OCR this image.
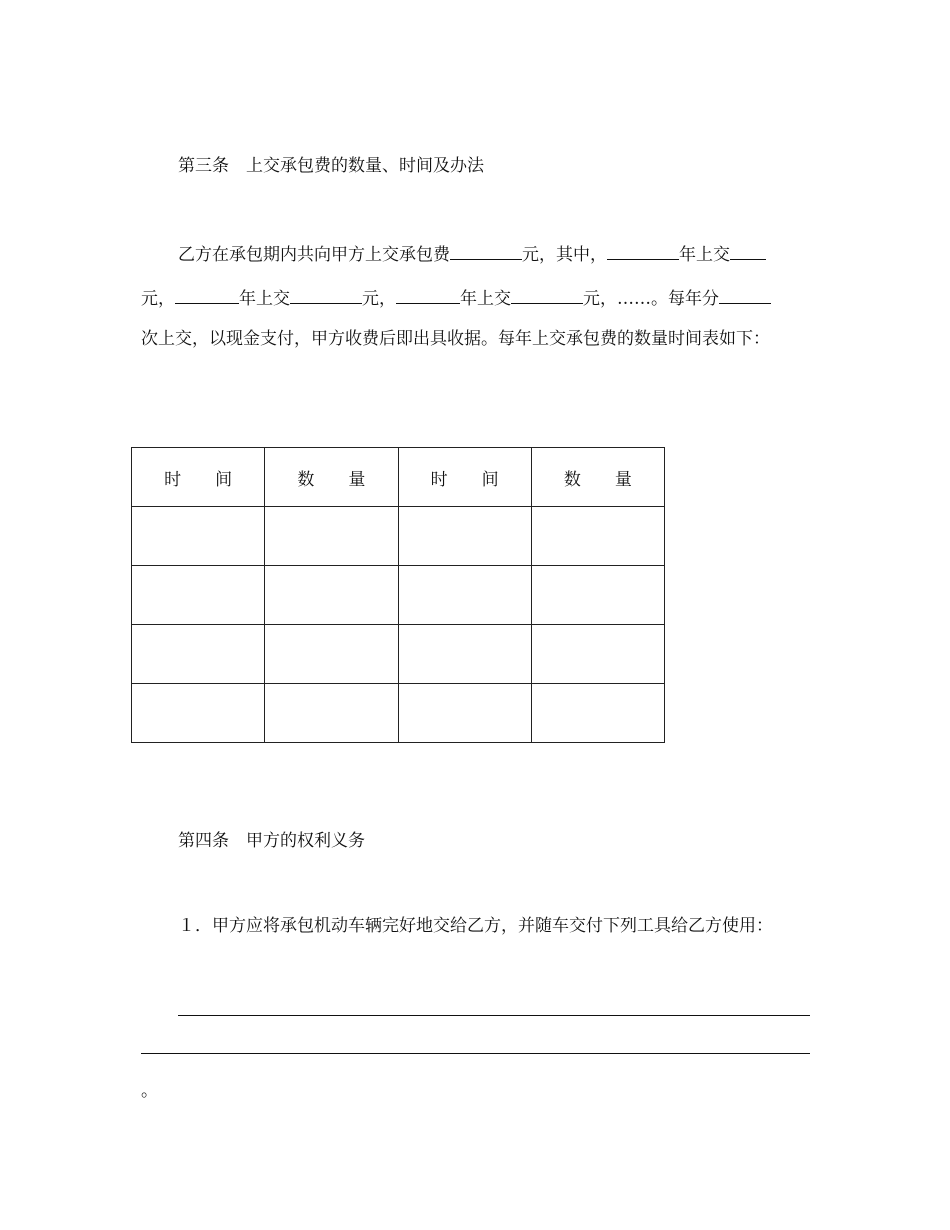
第三条　上交承包费的数量、时间及办法
乙方在承包期内共向甲方上交承包费	元，其中，	年上交
元，	年上交	元，	年上交	元，……。每年分
次上交，以现金支付，甲方收费后即出具收据。每年上交承包费的数量时间表如下：
时　　间	数　　量	时　　间	数　　量

第四条　甲方的权利义务
１．甲方应将承包机动车辆完好地交给乙方，并随车交付下列工具给乙方使用：
。
